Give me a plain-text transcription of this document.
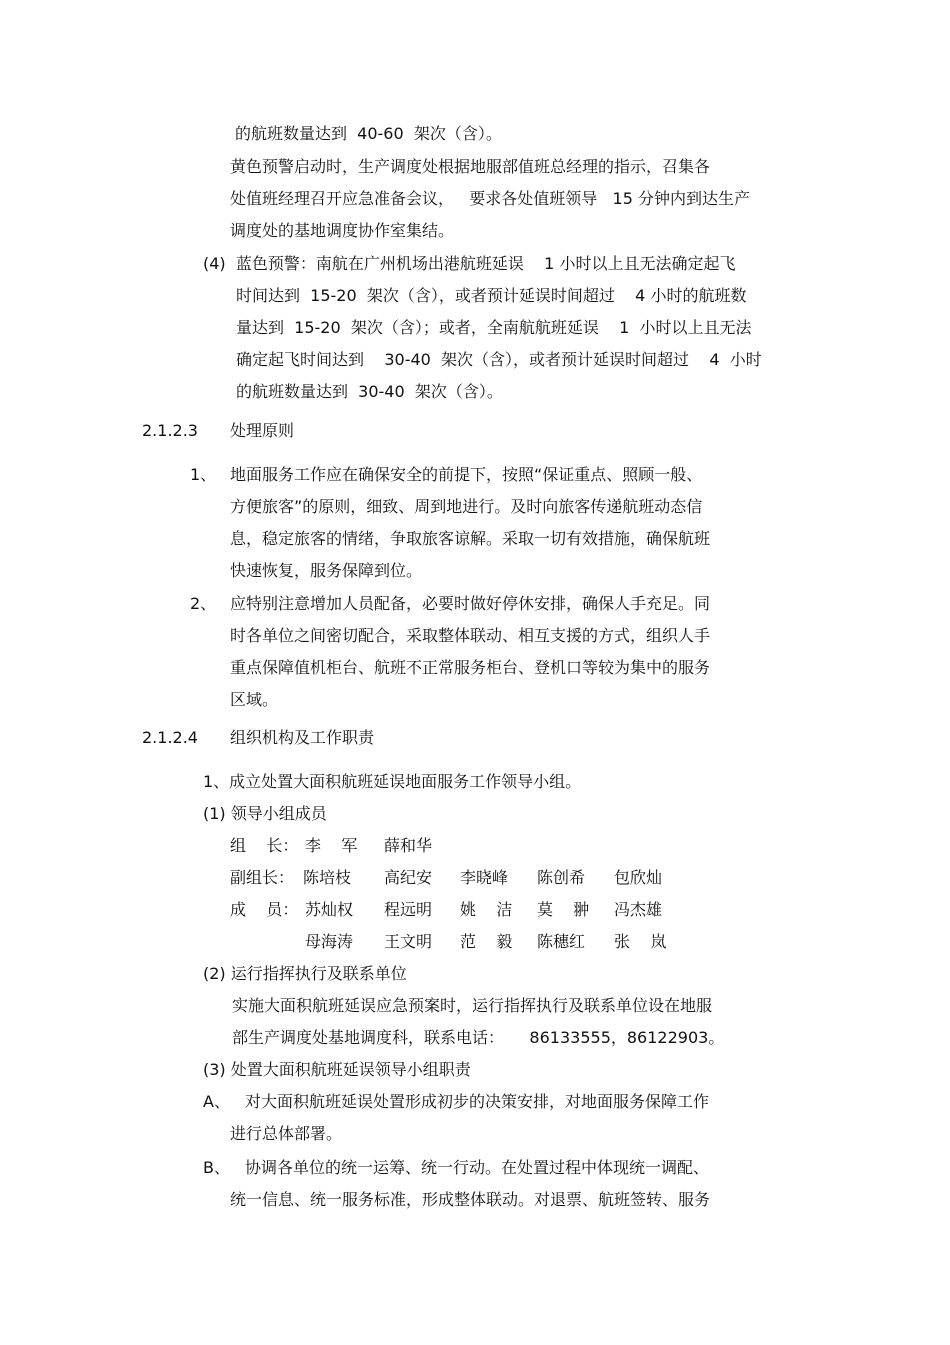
的航班数量达到  40-60  架次（含）。
黄色预警启动时，生产调度处根据地服部值班总经理的指示，召集各
处值班经理召开应急准备会议，   要求各处值班领导   15 分钟内到达生产
调度处的基地调度协作室集结。
(4)  蓝色预警：南航在广州机场出港航班延误    1 小时以上且无法确定起飞
时间达到  15-20  架次（含），或者预计延误时间超过    4 小时的航班数
量达到  15-20  架次（含）；或者，全南航航班延误    1  小时以上且无法
确定起飞时间达到    30-40  架次（含），或者预计延误时间超过    4  小时
的航班数量达到  30-40  架次（含）。
2.1.2.3 处理原则
1、 地面服务工作应在确保安全的前提下，按照“保证重点、照顾一般、
方便旅客”的原则，细致、周到地进行。及时向旅客传递航班动态信
息，稳定旅客的情绪，争取旅客谅解。采取一切有效措施，确保航班
快速恢复，服务保障到位。
2、 应特别注意增加人员配备，必要时做好停休安排，确保人手充足。同
时各单位之间密切配合，采取整体联动、相互支援的方式，组织人手
重点保障值机柜台、航班不正常服务柜台、登机口等较为集中的服务
区域。
2.1.2.4 组织机构及工作职责
1、成立处置大面积航班延误地面服务工作领导小组。
(1) 领导小组成员
组    长： 李    军 薛和华
副组长： 陈培枝 高纪安 李晓峰 陈创希 包欣灿
成    员： 苏灿权 程远明 姚    洁 莫    翀 冯杰雄
母海涛 王文明 范    毅 陈穗红 张    岚
(2) 运行指挥执行及联系单位
实施大面积航班延误应急预案时，运行指挥执行及联系单位设在地服
部生产调度处基地调度科，联系电话：     86133555，86122903。
(3) 处置大面积航班延误领导小组职责
A、 对大面积航班延误处置形成初步的决策安排，对地面服务保障工作
进行总体部署。
B、 协调各单位的统一运筹、统一行动。在处置过程中体现统一调配、
统一信息、统一服务标准，形成整体联动。对退票、航班签转、服务
